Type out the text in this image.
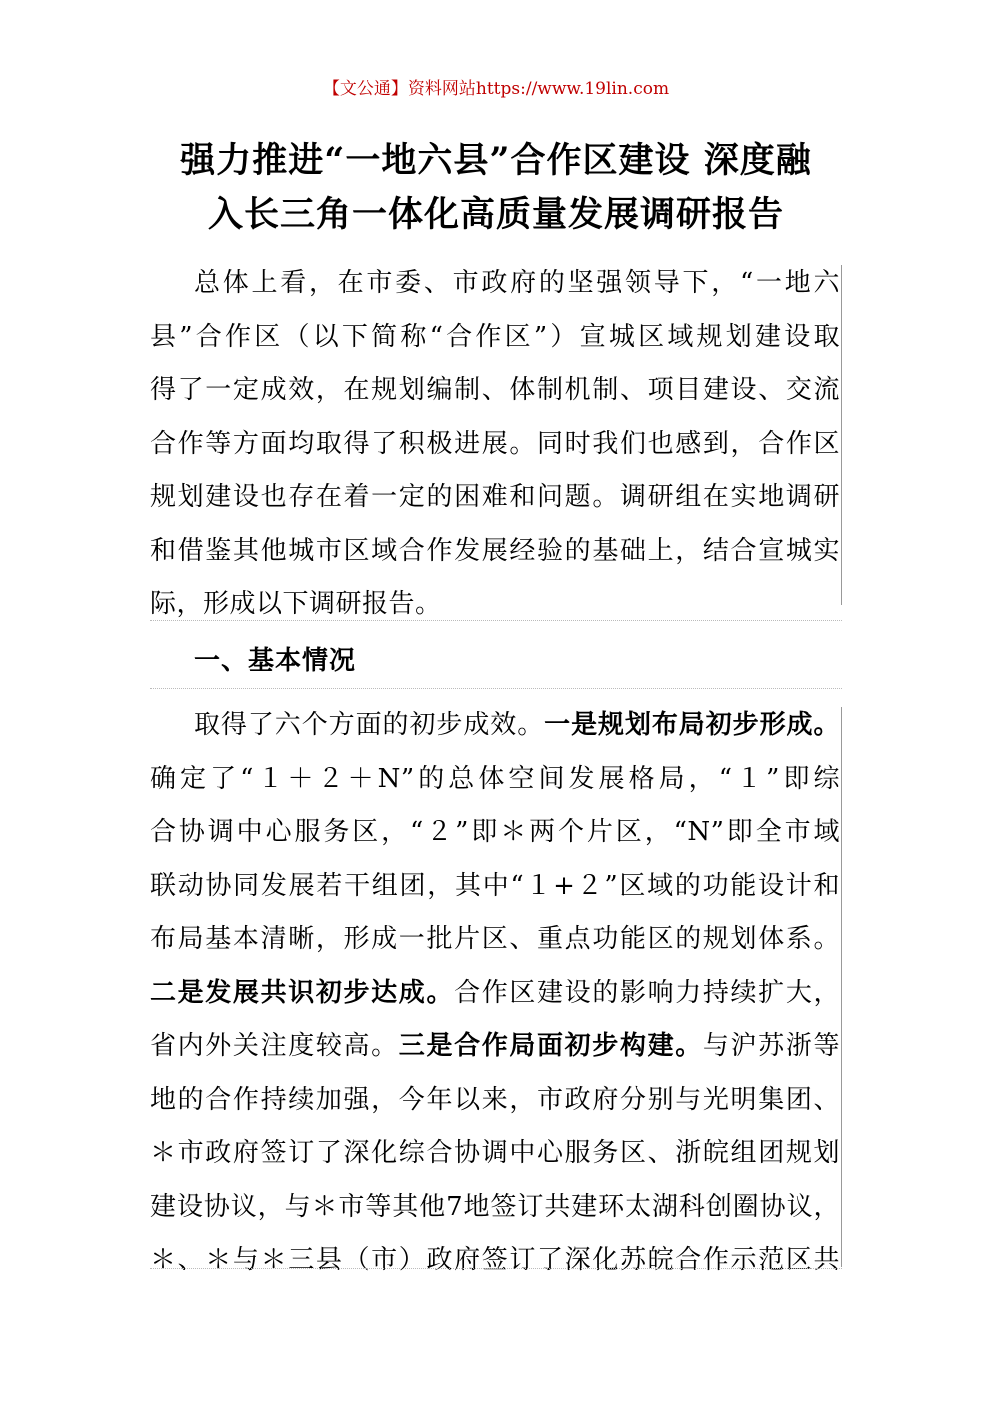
【文公通】资料网站https://www.19lin.com
强力推进“一地六县”合作区建设 深度融
入长三角一体化高质量发展调研报告
总体上看，在市委、市政府的坚强领导下，“一地六
县”合作区（以下简称“合作区”）宣城区域规划建设取
得了一定成效，在规划编制、体制机制、项目建设、交流
合作等方面均取得了积极进展。同时我们也感到，合作区
规划建设也存在着一定的困难和问题。调研组在实地调研
和借鉴其他城市区域合作发展经验的基础上，结合宣城实
际，形成以下调研报告。
一、基本情况
取得了六个方面的初步成效。一是规划布局初步形成。
确定了“１＋２＋N”的总体空间发展格局，“１”即综
合协调中心服务区，“２”即＊两个片区，“N”即全市域
联动协同发展若干组团，其中“１+２”区域的功能设计和
布局基本清晰，形成一批片区、重点功能区的规划体系。
二是发展共识初步达成。合作区建设的影响力持续扩大，
省内外关注度较高。三是合作局面初步构建。与沪苏浙等
地的合作持续加强，今年以来，市政府分别与光明集团、
＊市政府签订了深化综合协调中心服务区、浙皖组团规划
建设协议，与＊市等其他7地签订共建环太湖科创圈协议，
＊、＊与＊三县（市）政府签订了深化苏皖合作示范区共
